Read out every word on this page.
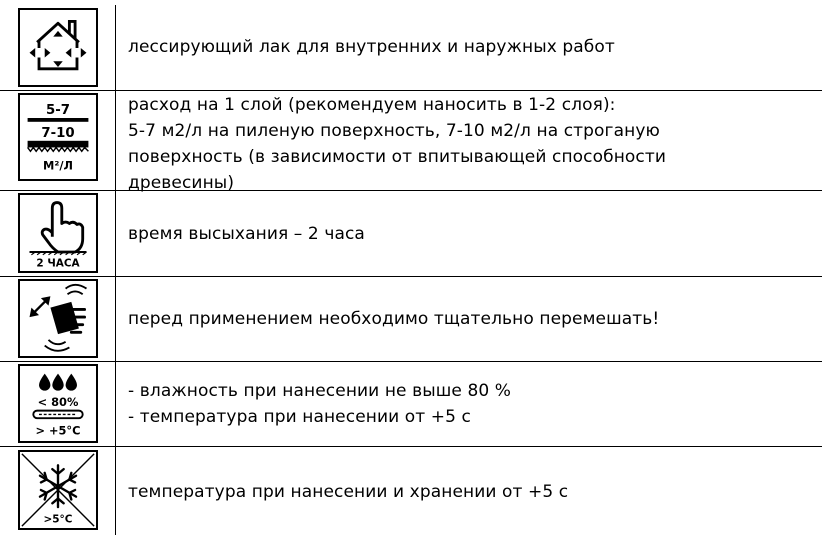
лессирующий лак для внутренних и наружных работ
5-7
7-10
М²/Л
расход на 1 слой (рекомендуем наносить в 1-2 слоя):
5-7 м2/л на пиленую поверхность, 7-10 м2/л на строганую
поверхность (в зависимости от впитывающей способности
древесины)
2 ЧАСА
время высыхания – 2 часа
перед применением необходимо тщательно перемешать!
< 80%
> +5°C
- влажность при нанесении не выше 80 %
- температура при нанесении от +5 с
>5°C
температура при нанесении и хранении от +5 с
